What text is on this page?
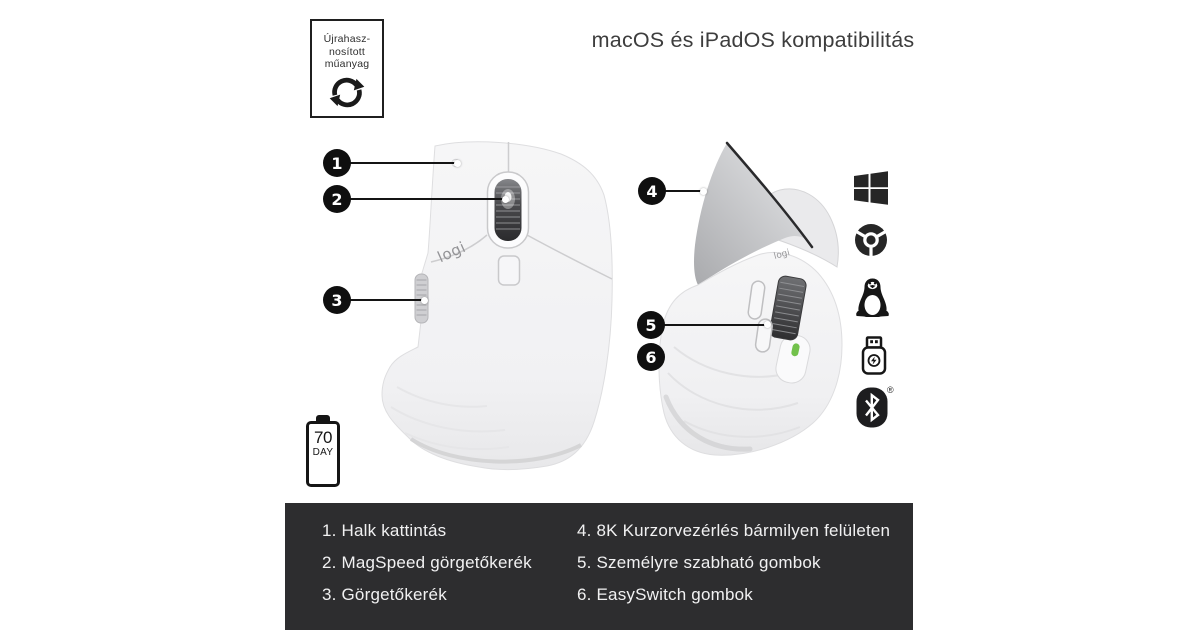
Újrahasz-
nosított
műanyag
macOS és iPadOS kompatibilitás
logi	logi
1
2
3
4
5
6
®
70
DAY
1. Halk kattintás
2. MagSpeed görgetőkerék
3. Görgetőkerék
4. 8K Kurzorvezérlés bármilyen felületen
5. Személyre szabható gombok
6. EasySwitch gombok
